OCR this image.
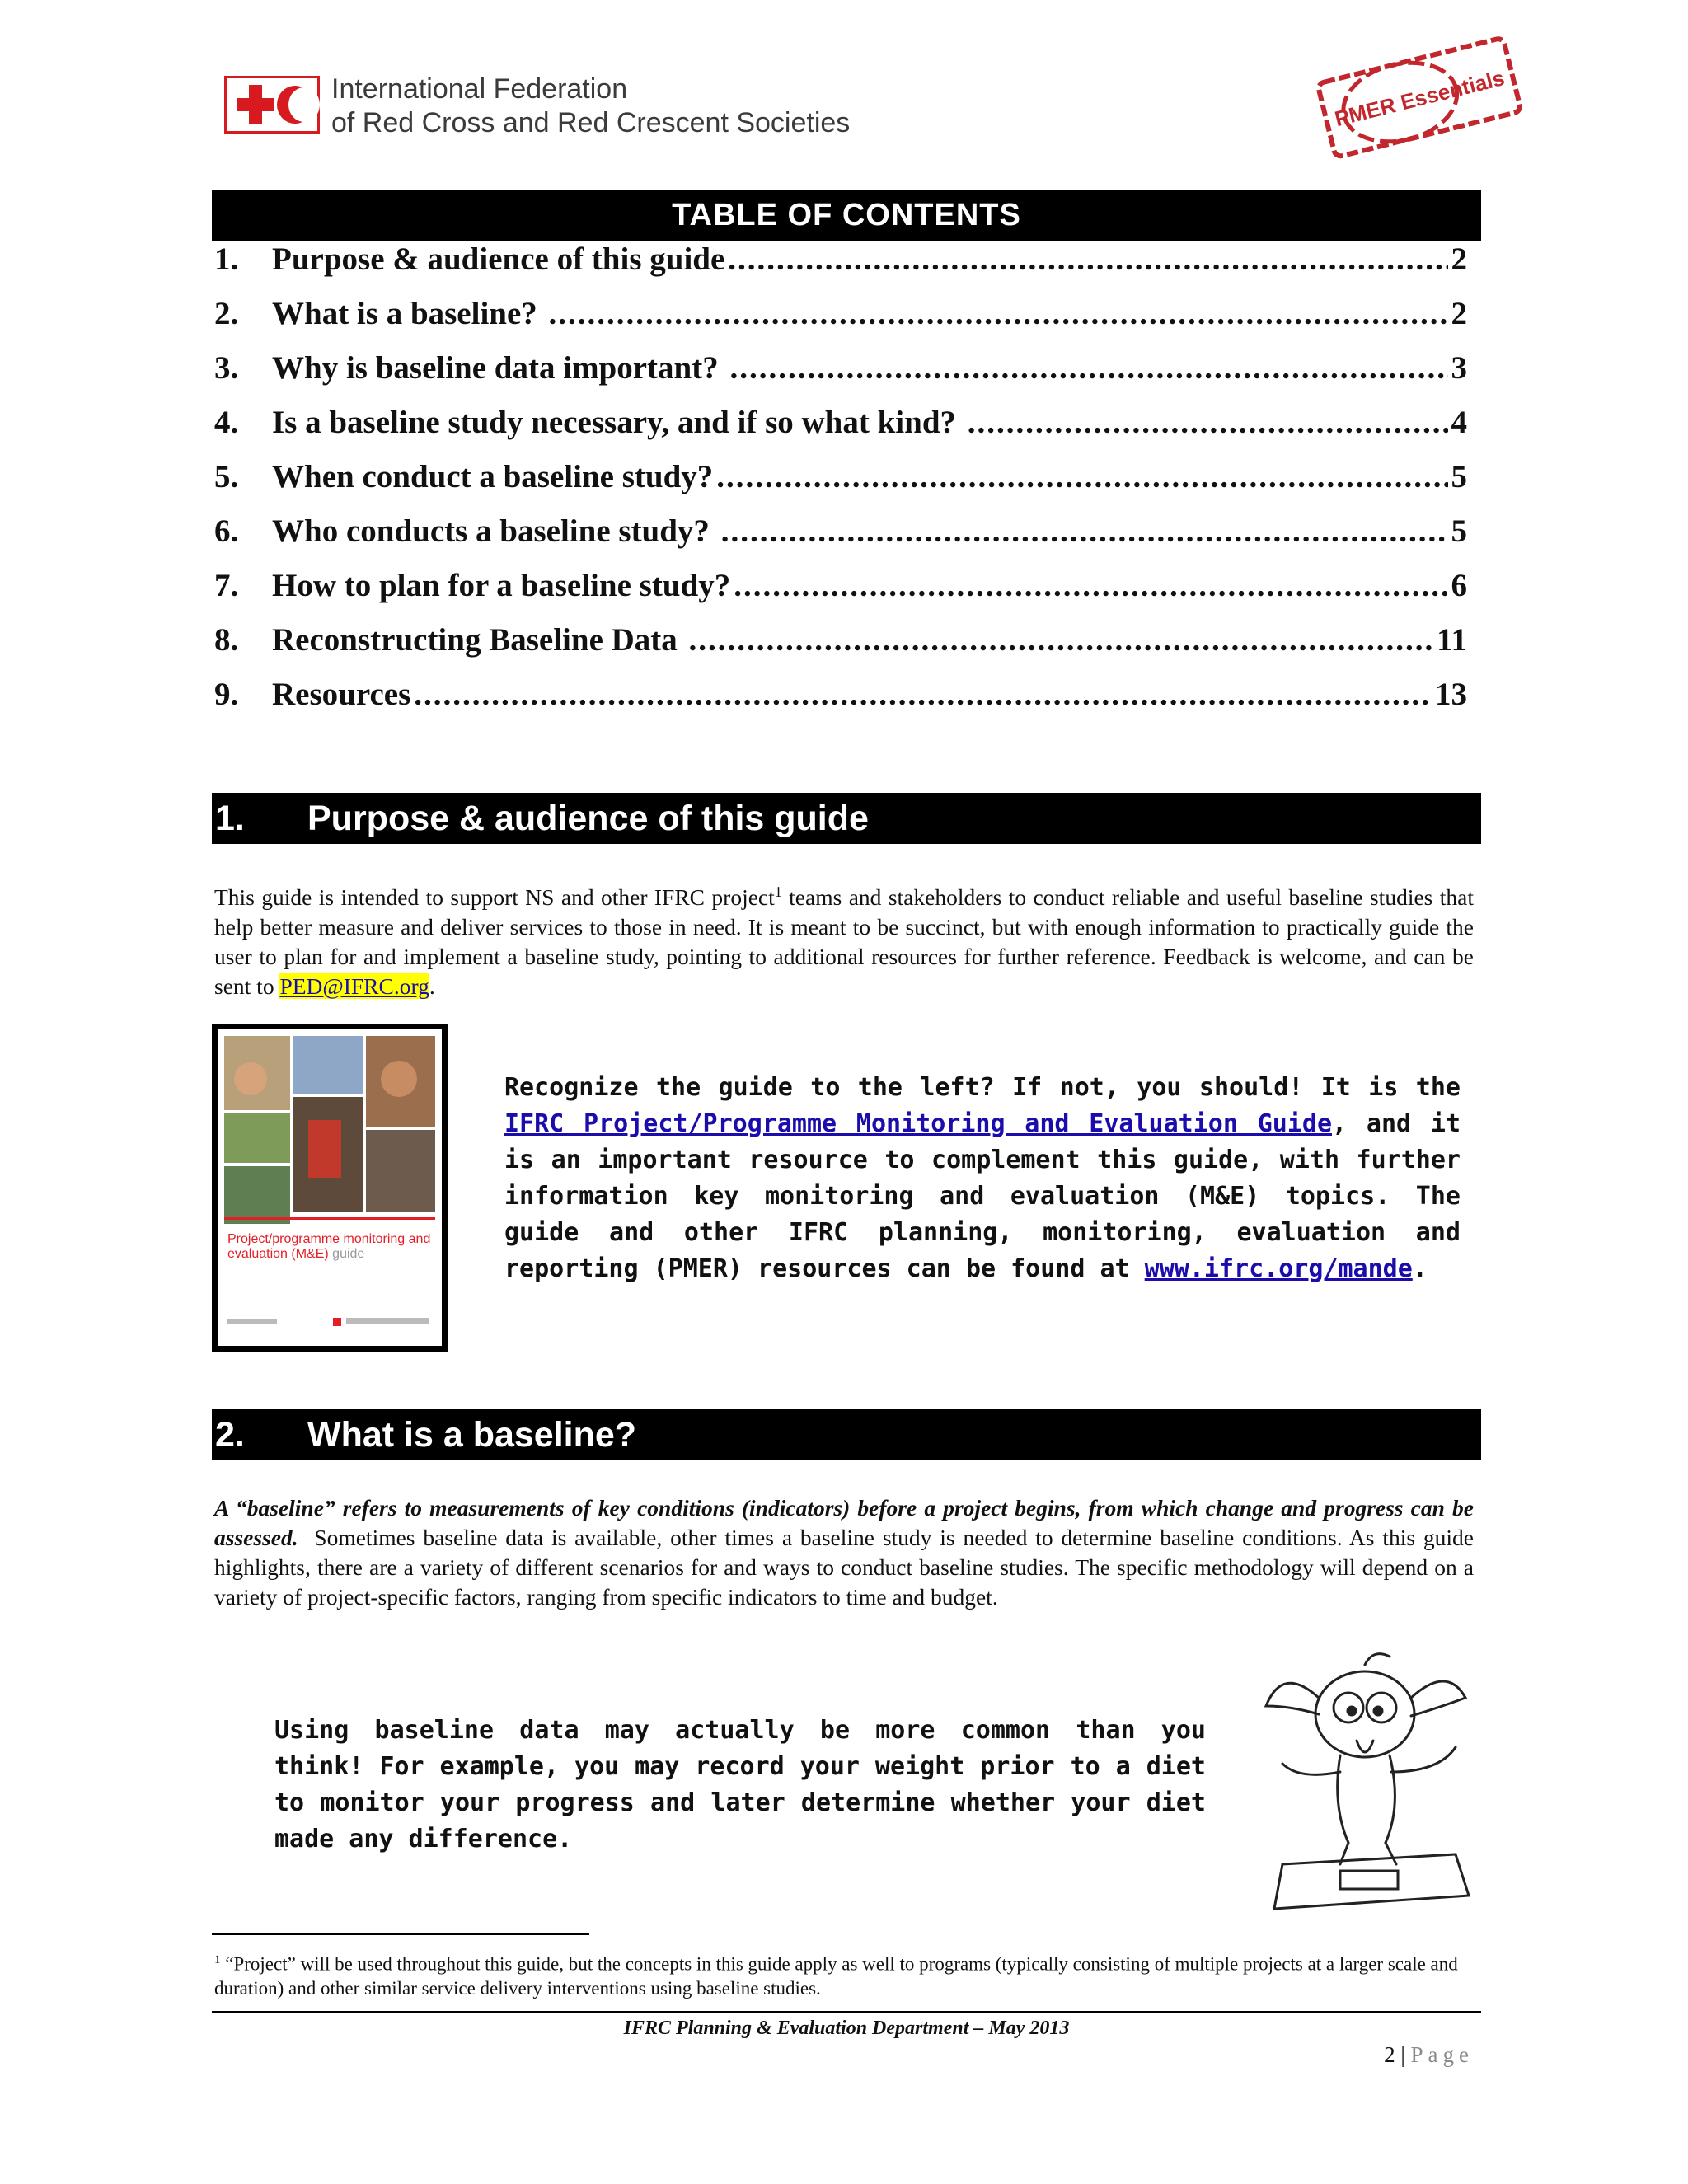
International Federation
of Red Cross and Red Crescent Societies	PMER Essentials
TABLE OF CONTENTS
1.	Purpose & audience of this guide .....	2
2.	What is a baseline? .....	2
3.	Why is baseline data important? .....	3
4.	Is a baseline study necessary, and if so what kind? .....	4
5.	When conduct a baseline study? .....	5
6.	Who conducts a baseline study? .....	5
7.	How to plan for a baseline study? .....	6
8.	Reconstructing Baseline Data .....	11
9.	Resources .....	13
1. Purpose & audience of this guide
This guide is intended to support NS and other IFRC project$^1$ teams and stakeholders to conduct reliable and useful baseline studies that help better measure and deliver services to those in need. It is meant to be succinct, but with enough information to practically guide the user to plan for and implement a baseline study, pointing to additional resources for further reference. Feedback is welcome, and can be sent to PED@IFRC.org.
Project/programme monitoring and evaluation (M&E) guide
Recognize the guide to the left? If not, you should! It is the IFRC Project/Programme Monitoring and Evaluation Guide, and it is an important resource to complement this guide, with further information key monitoring and evaluation (M&E) topics. The guide and other IFRC planning, monitoring, evaluation and reporting (PMER) resources can be found at www.ifrc.org/mande.
2. What is a baseline?
A “baseline” refers to measurements of key conditions (indicators) before a project begins, from which change and progress can be assessed.  Sometimes baseline data is available, other times a baseline study is needed to determine baseline conditions. As this guide highlights, there are a variety of different scenarios for and ways to conduct baseline studies. The specific methodology will depend on a variety of project-specific factors, ranging from specific indicators to time and budget.
Using baseline data may actually be more common than you think! For example, you may record your weight prior to a diet to monitor your progress and later determine whether your diet made any difference.
$^1$ “Project” will be used throughout this guide, but the concepts in this guide apply as well to programs (typically consisting of multiple projects at a larger scale and duration) and other similar service delivery interventions using baseline studies.
IFRC Planning & Evaluation Department – May 2013
2 | Page
